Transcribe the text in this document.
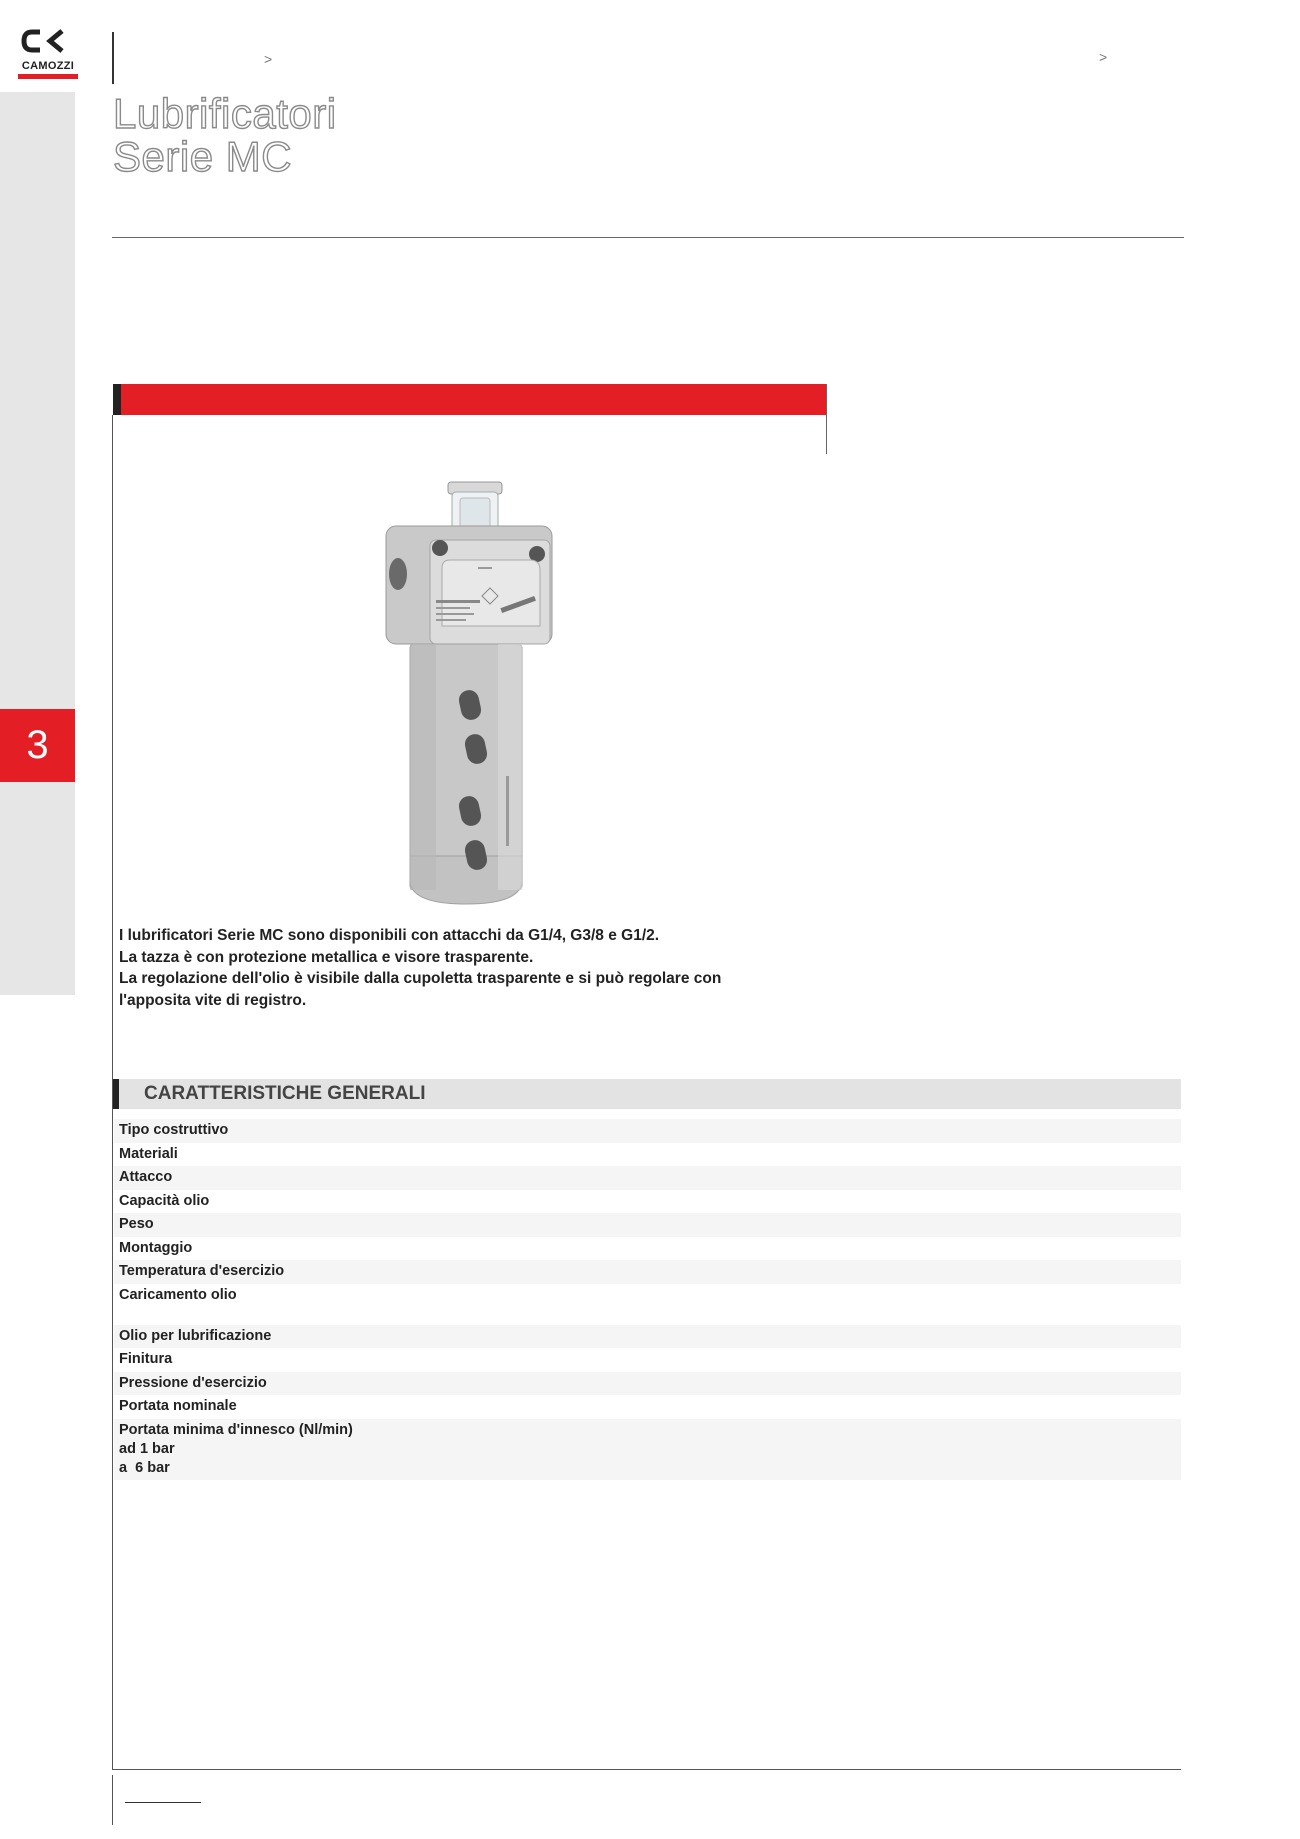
3
CAMOZZI	>	>
Lubrificatori
Serie MC

I lubrificatori Serie MC sono disponibili con attacchi da G1/4, G3/8 e G1/2.

La tazza è con protezione metallica e visore trasparente.

La regolazione dell'olio è visibile dalla cupoletta trasparente e si può regolare con

l'apposita vite di registro.

CARATTERISTICHE GENERALI
Tipo costruttivo
Materiali
Attacco
Capacità olio
Peso
Montaggio
Temperatura d'esercizio
Caricamento olio
Olio per lubrificazione
Finitura
Pressione d'esercizio
Portata nominale
Portata minima d'innesco (Nl/min)
ad 1 bar
a  6 bar
